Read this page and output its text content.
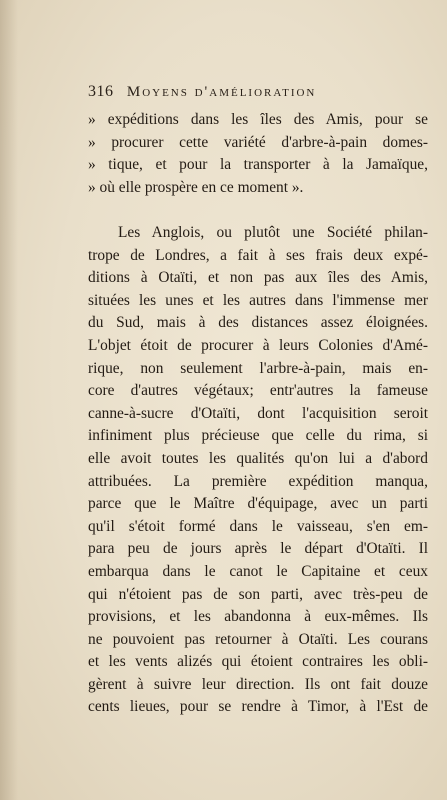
316 Moyens d'amélioration
» expéditions dans les îles des Amis, pour se
» procurer cette variété d'arbre-à-pain domes-
» tique, et pour la transporter à la Jamaïque,
» où elle prospère en ce moment ».
Les Anglois, ou plutôt une Société philan-
trope de Londres, a fait à ses frais deux expé-
ditions à Otaïti, et non pas aux îles des Amis,
situées les unes et les autres dans l'immense mer
du Sud, mais à des distances assez éloignées.
L'objet étoit de procurer à leurs Colonies d'Amé-
rique, non seulement l'arbre-à-pain, mais en-
core d'autres végétaux; entr'autres la fameuse
canne-à-sucre d'Otaïti, dont l'acquisition seroit
infiniment plus précieuse que celle du rima, si
elle avoit toutes les qualités qu'on lui a d'abord
attribuées. La première expédition manqua,
parce que le Maître d'équipage, avec un parti
qu'il s'étoit formé dans le vaisseau, s'en em-
para peu de jours après le départ d'Otaïti. Il
embarqua dans le canot le Capitaine et ceux
qui n'étoient pas de son parti, avec très-peu de
provisions, et les abandonna à eux-mêmes. Ils
ne pouvoient pas retourner à Otaïti. Les courans
et les vents alizés qui étoient contraires les obli-
gèrent à suivre leur direction. Ils ont fait douze
cents lieues, pour se rendre à Timor, à l'Est de
